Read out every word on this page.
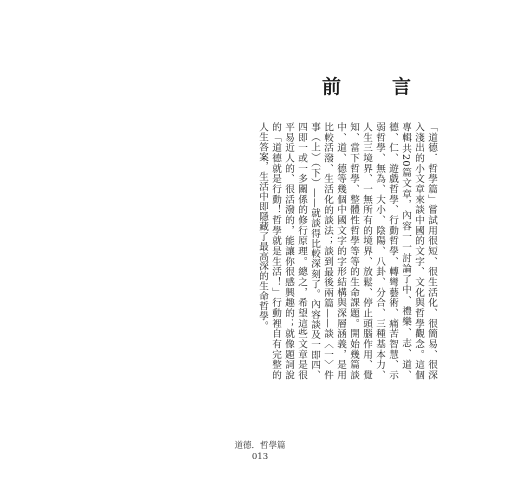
前　言

「道德．哲學篇」嘗試用很短、很生活化、很簡易、很深入淺出的小文章來談中國的文字、文化與哲學觀念。這個專輯共20篇文章，內容一一討論了中、禮樂、志、道、德、仁、遊戲哲學、行動哲學、轉彎藝術、痛苦智慧、示弱哲學、無為、大小、陰陽、八卦、分合、三種基本力、人生三境界、一無所有的境界、放鬆、停止頭腦作用、覺知、當下哲學、整體性哲學等等的生命課題。開始幾篇談中、道、德等幾個中國文字的字形結構與深層涵義，是用比較活潑、生活化的談法；談到最後兩篇——談〈一〉件事（上）（下）——就談得比較深刻了。內容談及一即四、四即一或一多關係的修行原理。總之，希望這些文章是很平易近人的、很活潑的，能讓你很感興趣的；就像題詞說的「道德就是行動！哲學就是生活！」行動裡自有完整的人生答案，生活中即隱藏了最高深的生命哲學。

道德．哲學篇
013
